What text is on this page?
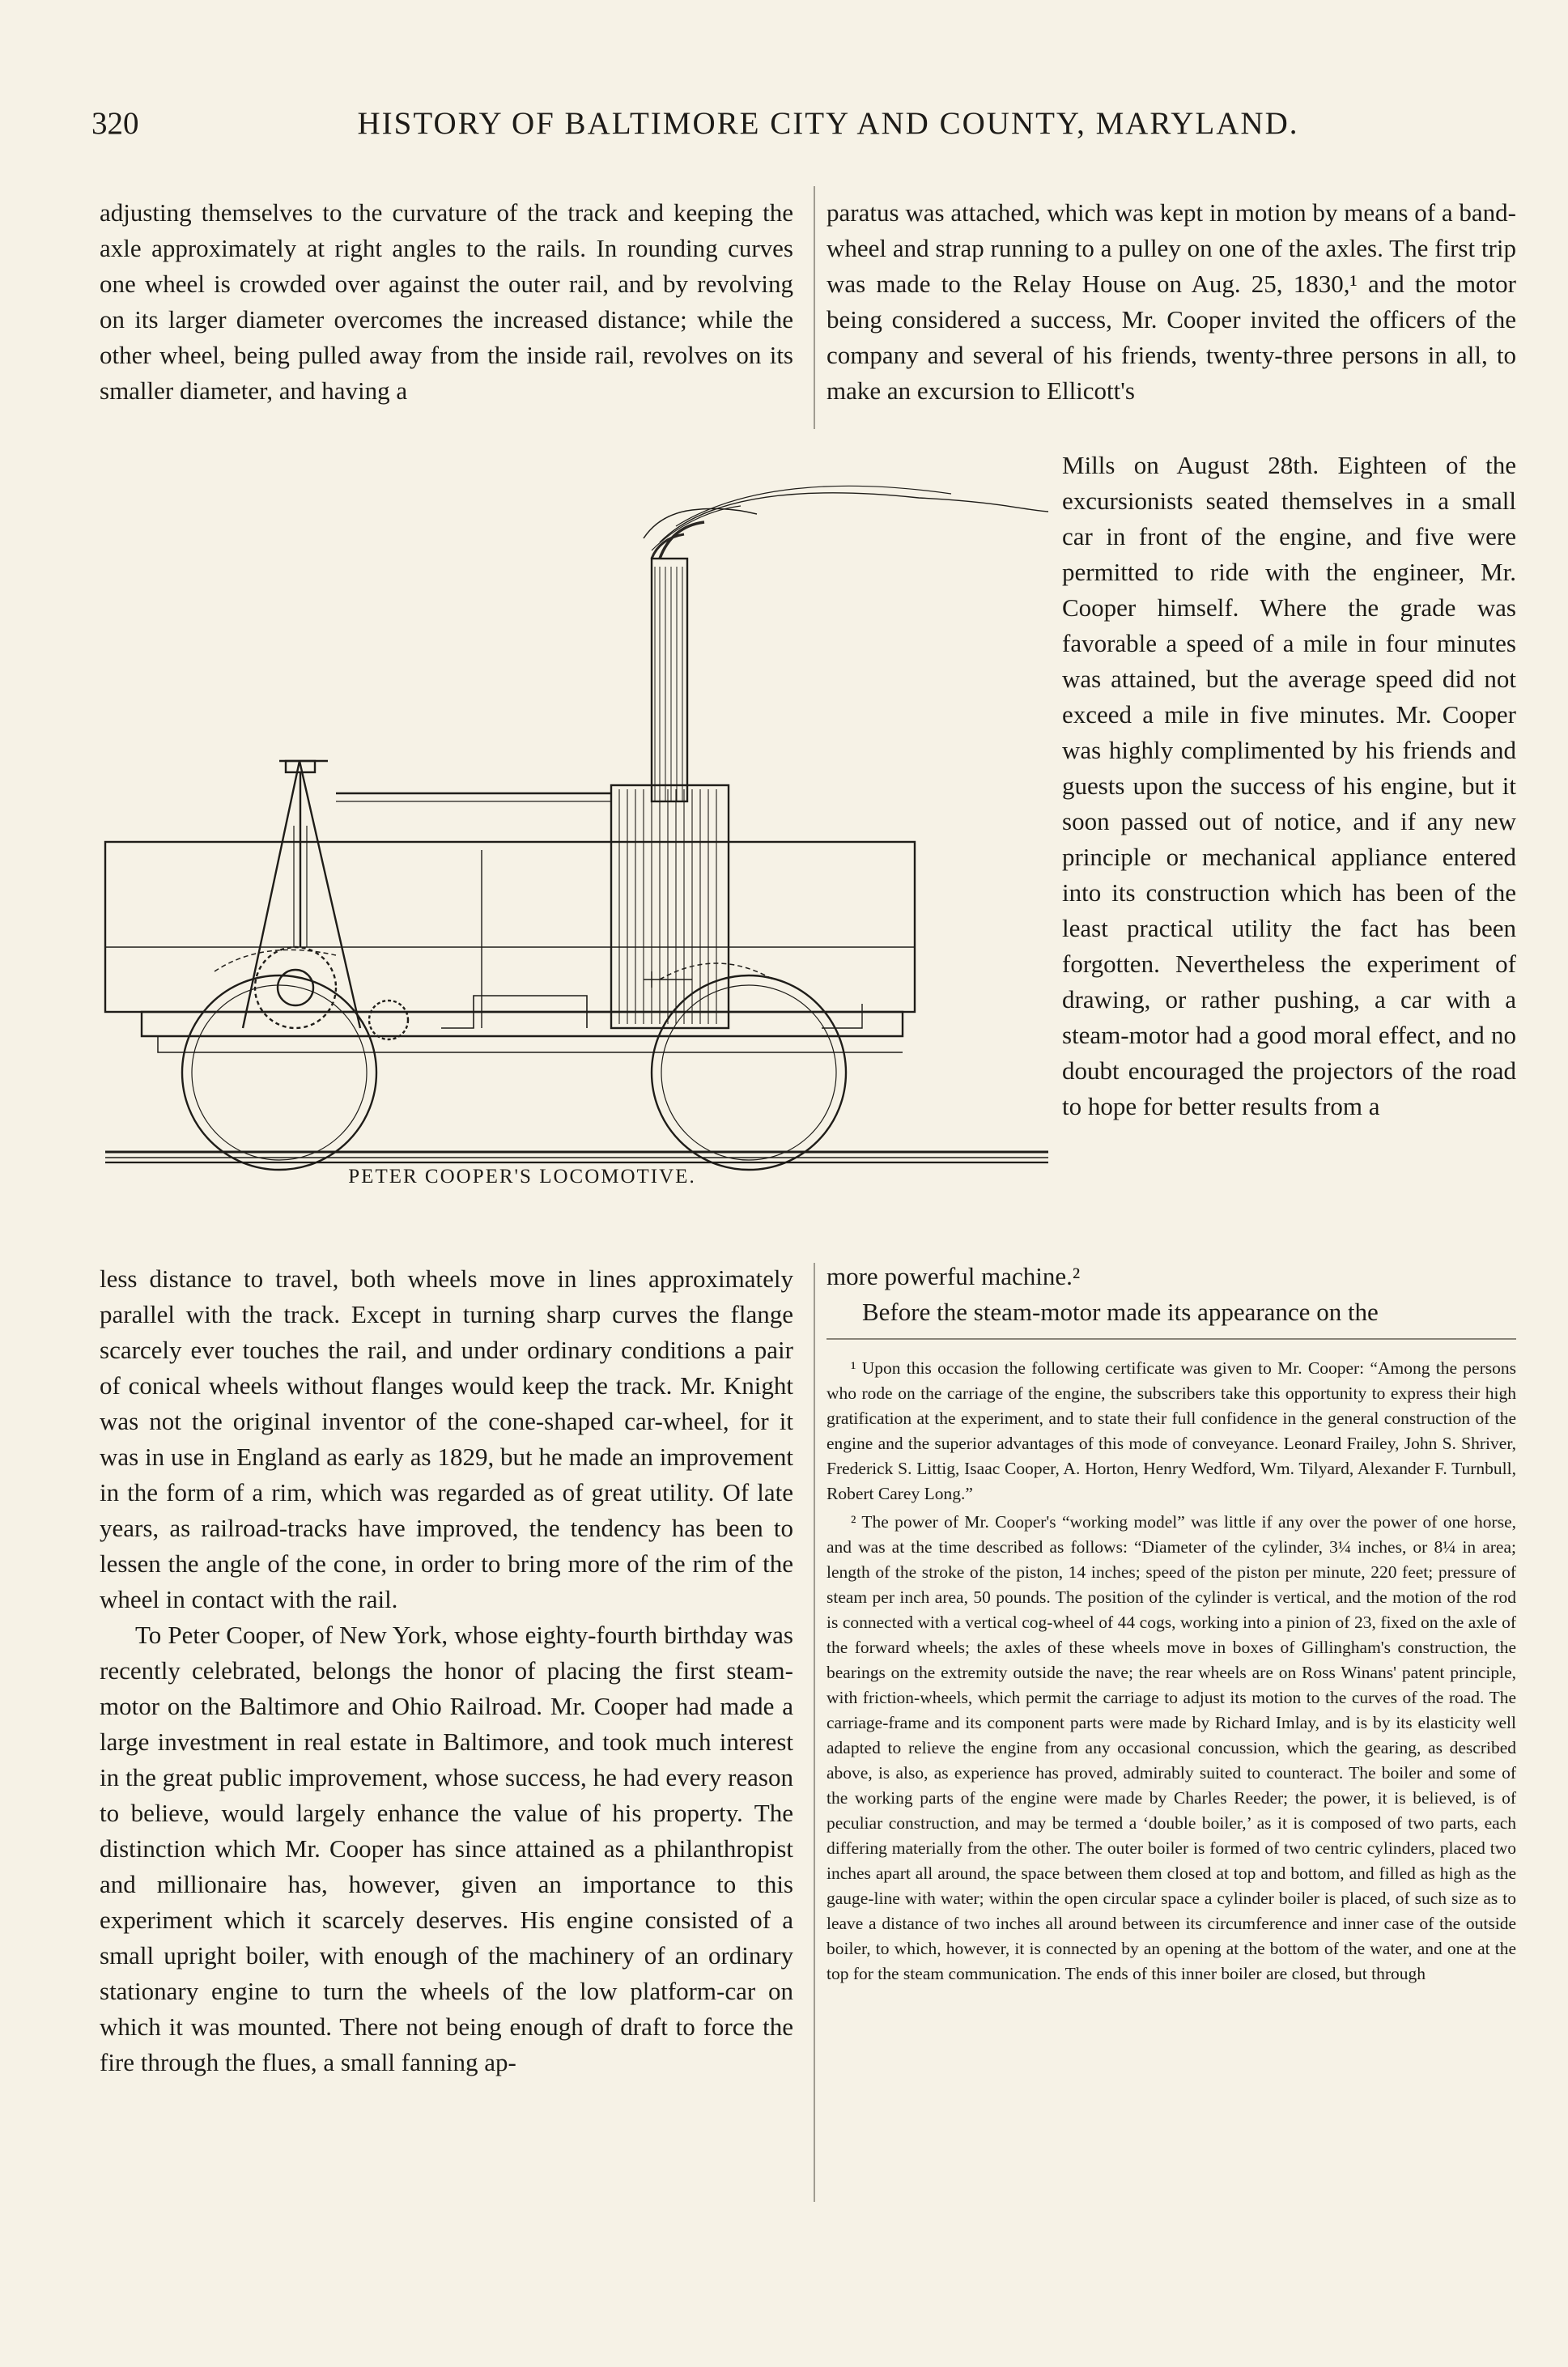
320	HISTORY OF BALTIMORE CITY AND COUNTY, MARYLAND.

adjusting themselves to the curvature of the track and keeping the axle approximately at right angles to the rails. In rounding curves one wheel is crowded over against the outer rail, and by revolving on its larger diameter overcomes the increased distance; while the other wheel, being pulled away from the inside rail, revolves on its smaller diameter, and having a

paratus was attached, which was kept in motion by means of a band-wheel and strap running to a pulley on one of the axles. The first trip was made to the Relay House on Aug. 25, 1830,¹ and the motor being considered a success, Mr. Cooper invited the officers of the company and several of his friends, twenty-three persons in all, to make an excursion to Ellicott's

Mills on August 28th. Eighteen of the excursionists seated themselves in a small car in front of the engine, and five were permitted to ride with the engineer, Mr. Cooper himself. Where the grade was favorable a speed of a mile in four minutes was attained, but the average speed did not exceed a mile in five minutes. Mr. Cooper was highly complimented by his friends and guests upon the success of his engine, but it soon passed out of notice, and if any new principle or mechanical appliance entered into its construction which has been of the least practical utility the fact has been forgotten. Nevertheless the experiment of drawing, or rather pushing, a car with a steam-motor had a good moral effect, and no doubt encouraged the projectors of the road to hope for better results from a

PETER COOPER'S LOCOMOTIVE.

less distance to travel, both wheels move in lines approximately parallel with the track. Except in turning sharp curves the flange scarcely ever touches the rail, and under ordinary conditions a pair of conical wheels without flanges would keep the track. Mr. Knight was not the original inventor of the cone-shaped car-wheel, for it was in use in England as early as 1829, but he made an improvement in the form of a rim, which was regarded as of great utility. Of late years, as railroad-tracks have improved, the tendency has been to lessen the angle of the cone, in order to bring more of the rim of the wheel in contact with the rail.

To Peter Cooper, of New York, whose eighty-fourth birthday was recently celebrated, belongs the honor of placing the first steam-motor on the Baltimore and Ohio Railroad. Mr. Cooper had made a large investment in real estate in Baltimore, and took much interest in the great public improvement, whose success, he had every reason to believe, would largely enhance the value of his property. The distinction which Mr. Cooper has since attained as a philanthropist and millionaire has, however, given an importance to this experiment which it scarcely deserves. His engine consisted of a small upright boiler, with enough of the machinery of an ordinary stationary engine to turn the wheels of the low platform-car on which it was mounted. There not being enough of draft to force the fire through the flues, a small fanning ap-

more powerful machine.²

Before the steam-motor made its appearance on the

¹ Upon this occasion the following certificate was given to Mr. Cooper: “Among the persons who rode on the carriage of the engine, the subscribers take this opportunity to express their high gratification at the experiment, and to state their full confidence in the general construction of the engine and the superior advantages of this mode of conveyance. Leonard Frailey, John S. Shriver, Frederick S. Littig, Isaac Cooper, A. Horton, Henry Wedford, Wm. Tilyard, Alexander F. Turnbull, Robert Carey Long.”

² The power of Mr. Cooper's “working model” was little if any over the power of one horse, and was at the time described as follows: “Diameter of the cylinder, 3¼ inches, or 8¼ in area; length of the stroke of the piston, 14 inches; speed of the piston per minute, 220 feet; pressure of steam per inch area, 50 pounds. The position of the cylinder is vertical, and the motion of the rod is connected with a vertical cog-wheel of 44 cogs, working into a pinion of 23, fixed on the axle of the forward wheels; the axles of these wheels move in boxes of Gillingham's construction, the bearings on the extremity outside the nave; the rear wheels are on Ross Winans' patent principle, with friction-wheels, which permit the carriage to adjust its motion to the curves of the road. The carriage-frame and its component parts were made by Richard Imlay, and is by its elasticity well adapted to relieve the engine from any occasional concussion, which the gearing, as described above, is also, as experience has proved, admirably suited to counteract. The boiler and some of the working parts of the engine were made by Charles Reeder; the power, it is believed, is of peculiar construction, and may be termed a ‘double boiler,’ as it is composed of two parts, each differing materially from the other. The outer boiler is formed of two centric cylinders, placed two inches apart all around, the space between them closed at top and bottom, and filled as high as the gauge-line with water; within the open circular space a cylinder boiler is placed, of such size as to leave a distance of two inches all around between its circumference and inner case of the outside boiler, to which, however, it is connected by an opening at the bottom of the water, and one at the top for the steam communication. The ends of this inner boiler are closed, but through
